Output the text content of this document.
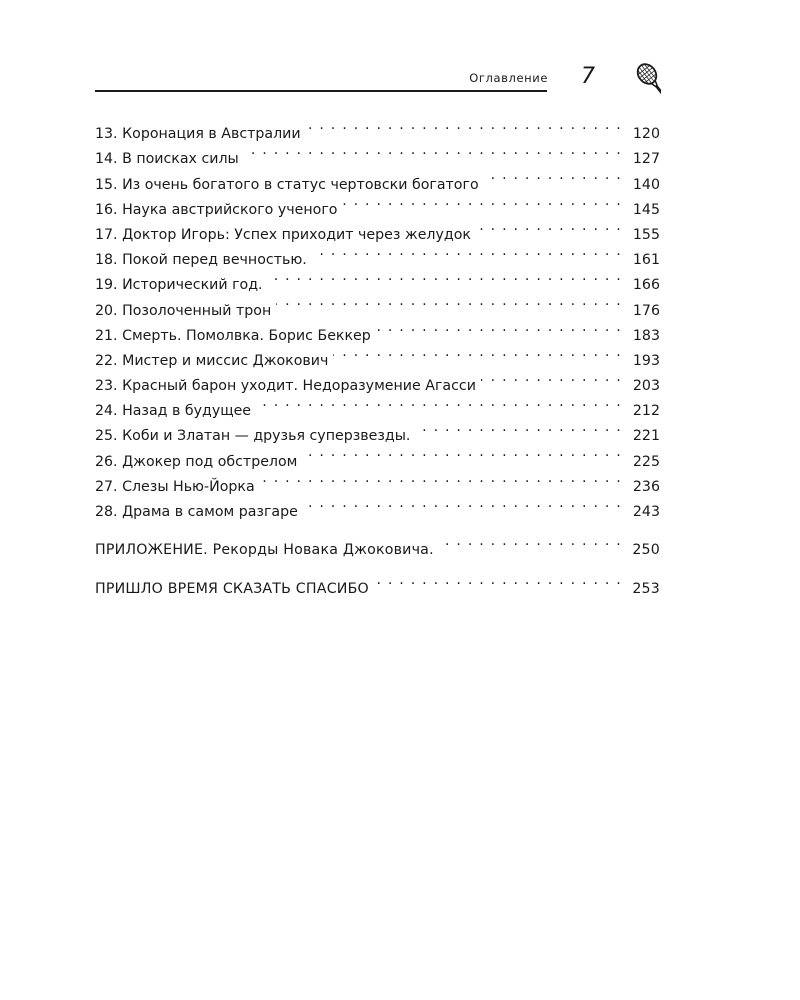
Оглавление 7
13. Коронация в Австралии . . .	120
14. В поисках силы . . .	127
15. Из очень богатого в статус чертовски богатого . . .	140
16. Наука австрийского ученого . . .	145
17. Доктор Игорь: Успех приходит через желудок . . .	155
18. Покой перед вечностью. . . .	161
19. Исторический год. . . .	166
20. Позолоченный трон . . .	176
21. Смерть. Помолвка. Борис Беккер . . .	183
22. Мистер и миссис Джокович . . .	193
23. Красный барон уходит. Недоразумение Агасси . . .	203
24. Назад в будущее . . .	212
25. Коби и Златан — друзья суперзвезды. . . .	221
26. Джокер под обстрелом . . .	225
27. Слезы Нью-Йорка . . .	236
28. Драма в самом разгаре . . .	243
ПРИЛОЖЕНИЕ. Рекорды Новака Джоковича. . . .	250
ПРИШЛО ВРЕМЯ СКАЗАТЬ СПАСИБО . . .	253
